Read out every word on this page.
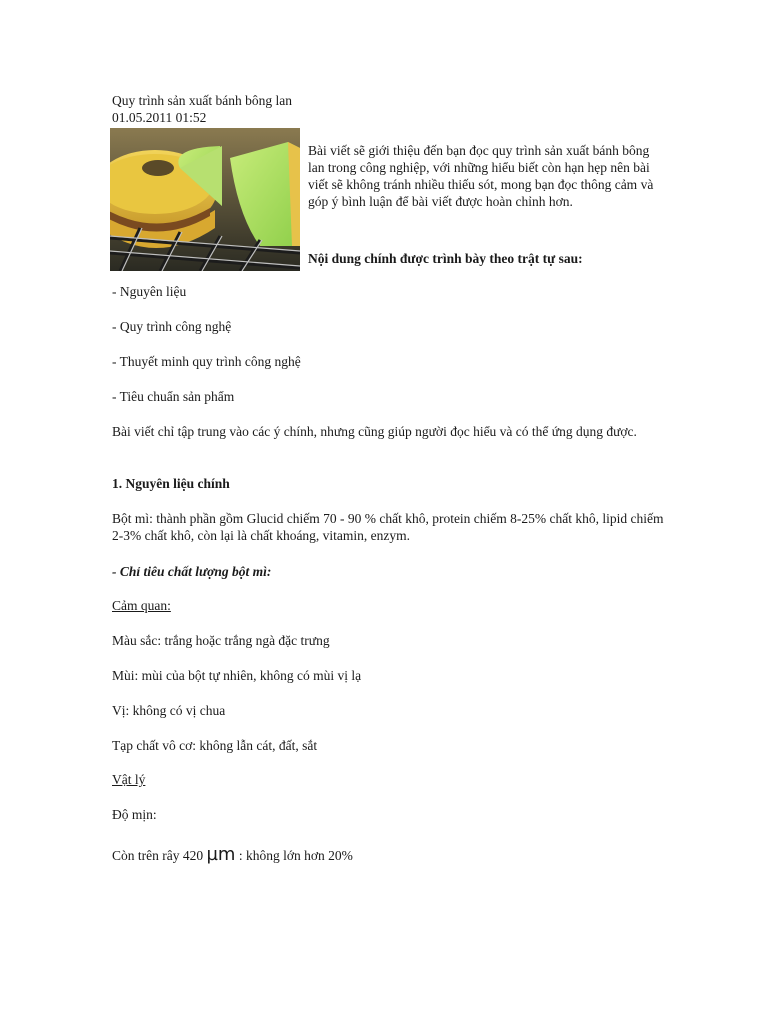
Quy trình sản xuất bánh bông lan

01.05.2011 01:52

Bài viết sẽ giới thiệu đến bạn đọc quy trình sản xuất bánh bông lan trong công nghiệp, với những hiểu biết còn hạn hẹp nên bài viết sẽ không tránh nhiều thiếu sót, mong bạn đọc thông cảm và góp ý bình luận để bài viết được hoàn chỉnh hơn.

Nội dung chính được trình bày theo trật tự sau:

- Nguyên liệu

- Quy trình công nghệ

- Thuyết minh quy trình công nghệ

- Tiêu chuẩn sản phẩm

Bài viết chỉ tập trung vào các ý chính, nhưng cũng giúp người đọc hiểu và có thể ứng dụng được.

1. Nguyên liệu chính

Bột mì: thành phần gồm Glucid chiếm 70 - 90 % chất khô, protein chiếm 8-25% chất khô, lipid chiếm 2-3% chất khô, còn lại là chất khoáng, vitamin, enzym.

- Chỉ tiêu chất lượng bột mì:

Cảm quan:

Màu sắc: trắng hoặc trắng ngà đặc trưng

Mùi: mùi của bột tự nhiên, không có mùi vị lạ

Vị: không có vị chua

Tạp chất vô cơ: không lẫn cát, đất, sắt

Vật lý

Độ mịn:

Còn trên rây 420 µm : không lớn hơn 20%
